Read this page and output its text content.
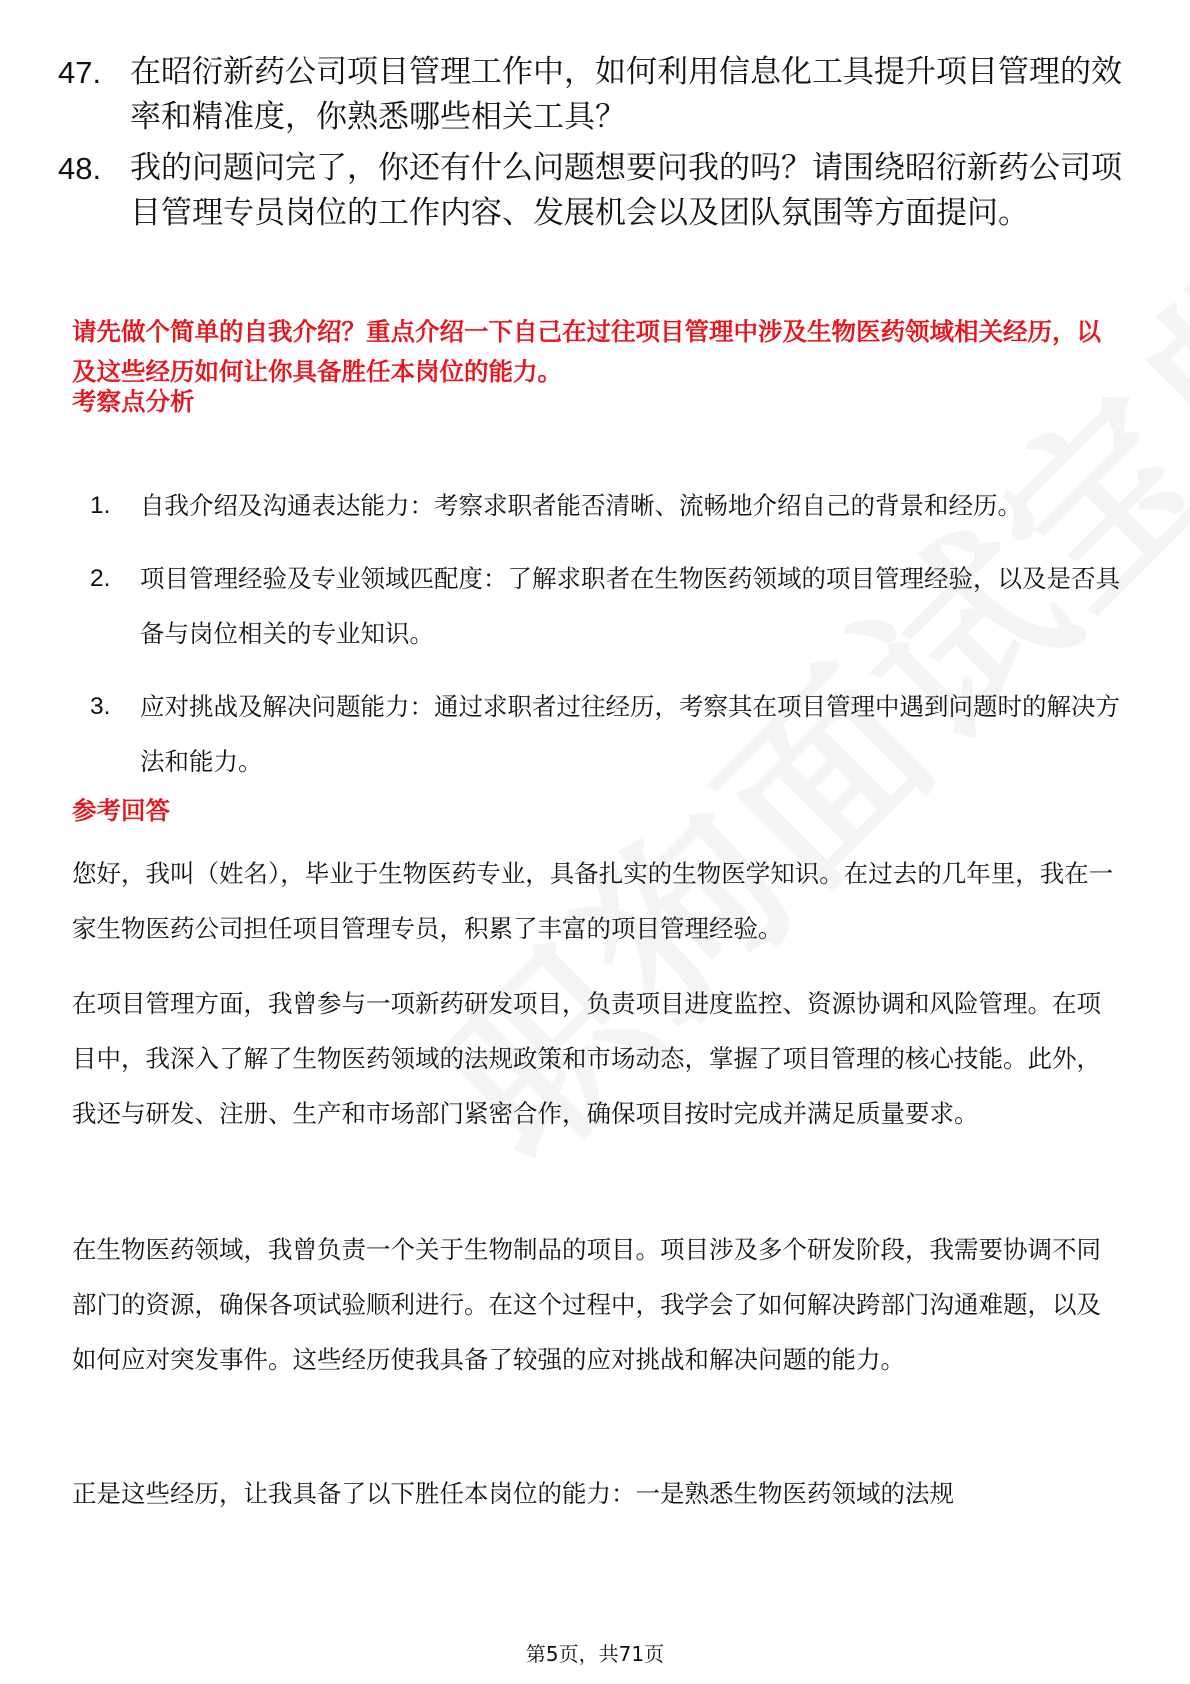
47. 在昭衍新药公司项目管理工作中，如何利用信息化工具提升项目管理的效率和精准度，你熟悉哪些相关工具？
48. 我的问题问完了，你还有什么问题想要问我的吗？请围绕昭衍新药公司项目管理专员岗位的工作内容、发展机会以及团队氛围等方面提问。
请先做个简单的自我介绍？重点介绍一下自己在过往项目管理中涉及生物医药领域相关经历，以及这些经历如何让你具备胜任本岗位的能力。
考察点分析
1.	自我介绍及沟通表达能力：考察求职者能否清晰、流畅地介绍自己的背景和经历。
2.	项目管理经验及专业领域匹配度：了解求职者在生物医药领域的项目管理经验，以及是否具备与岗位相关的专业知识。
3.	应对挑战及解决问题能力：通过求职者过往经历，考察其在项目管理中遇到问题时的解决方法和能力。
参考回答
您好，我叫（姓名），毕业于生物医药专业，具备扎实的生物医学知识。在过去的几年里，我在一家生物医药公司担任项目管理专员，积累了丰富的项目管理经验。
在项目管理方面，我曾参与一项新药研发项目，负责项目进度监控、资源协调和风险管理。在项目中，我深入了解了生物医药领域的法规政策和市场动态，掌握了项目管理的核心技能。此外，我还与研发、注册、生产和市场部门紧密合作，确保项目按时完成并满足质量要求。
在生物医药领域，我曾负责一个关于生物制品的项目。项目涉及多个研发阶段，我需要协调不同部门的资源，确保各项试验顺利进行。在这个过程中，我学会了如何解决跨部门沟通难题，以及如何应对突发事件。这些经历使我具备了较强的应对挑战和解决问题的能力。
正是这些经历，让我具备了以下胜任本岗位的能力：一是熟悉生物医药领域的法规
第5页，共71页
